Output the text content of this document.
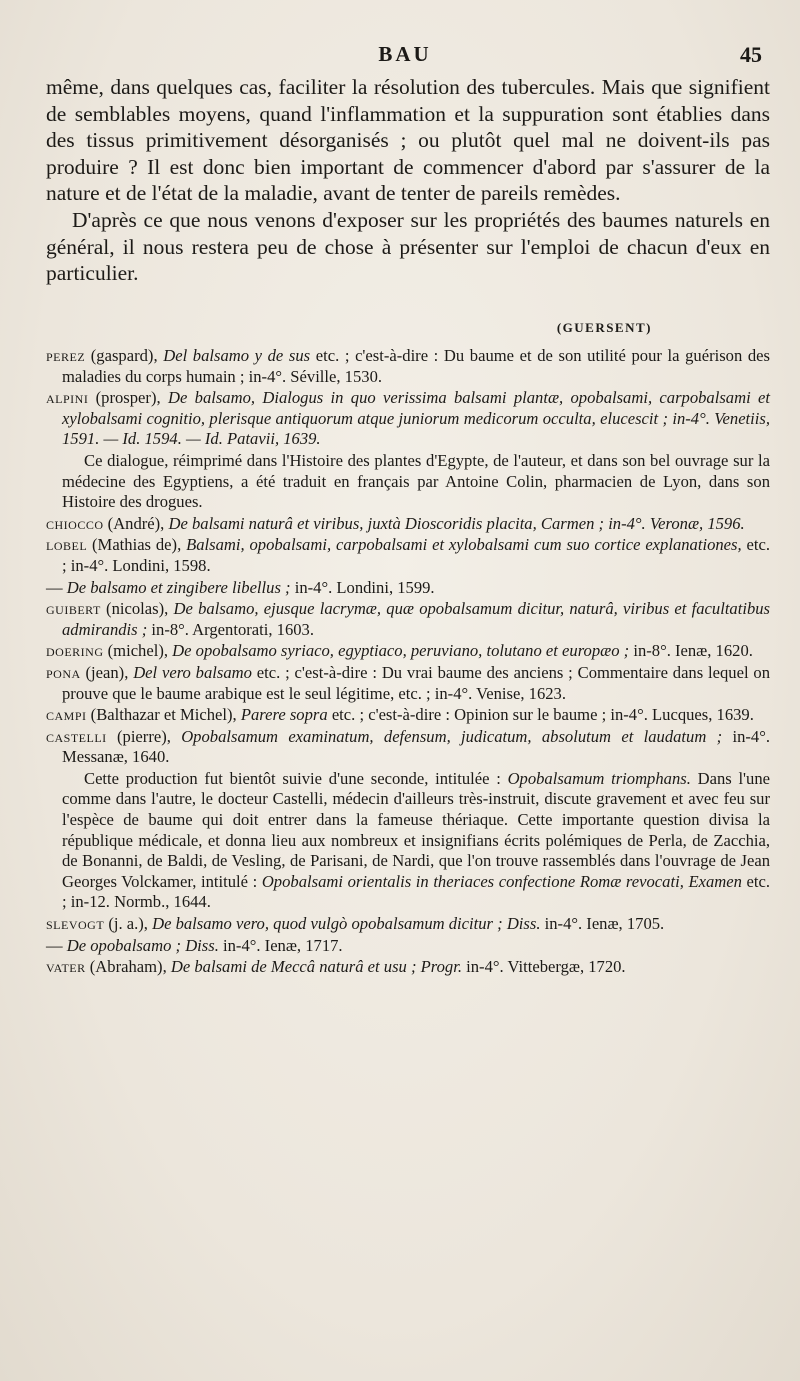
BAU	45

même, dans quelques cas, faciliter la résolution des tubercules. Mais que signifient de semblables moyens, quand l'inflammation et la suppuration sont établies dans des tissus primitivement désorganisés ; ou plutôt quel mal ne doivent-ils pas produire ? Il est donc bien important de commencer d'abord par s'assurer de la nature et de l'état de la maladie, avant de tenter de pareils remèdes.

D'après ce que nous venons d'exposer sur les propriétés des baumes naturels en général, il nous restera peu de chose à présenter sur l'emploi de chacun d'eux en particulier.

(GUERSENT)
perez (gaspard), Del balsamo y de sus etc. ; c'est-à-dire : Du baume et de son utilité pour la guérison des maladies du corps humain ; in-4°. Séville, 1530.
alpini (prosper), De balsamo, Dialogus in quo verissima balsami plantæ, opobalsami, carpobalsami et xylobalsami cognitio, plerisque antiquorum atque juniorum medicorum occulta, elucescit ; in-4°. Venetiis, 1591. — Id. 1594. — Id. Patavii, 1639.
Ce dialogue, réimprimé dans l'Histoire des plantes d'Egypte, de l'auteur, et dans son bel ouvrage sur la médecine des Egyptiens, a été traduit en français par Antoine Colin, pharmacien de Lyon, dans son Histoire des drogues.
chiocco (André), De balsami naturâ et viribus, juxtà Dioscoridis placita, Carmen ; in-4°. Veronæ, 1596.
lobel (Mathias de), Balsami, opobalsami, carpobalsami et xylobalsami cum suo cortice explanationes, etc. ; in-4°. Londini, 1598.
— De balsamo et zingibere libellus ; in-4°. Londini, 1599.
guibert (nicolas), De balsamo, ejusque lacrymæ, quæ opobalsamum dicitur, naturâ, viribus et facultatibus admirandis ; in-8°. Argentorati, 1603.
doering (michel), De opobalsamo syriaco, egyptiaco, peruviano, tolutano et europæo ; in-8°. Ienæ, 1620.
pona (jean), Del vero balsamo etc. ; c'est-à-dire : Du vrai baume des anciens ; Commentaire dans lequel on prouve que le baume arabique est le seul légitime, etc. ; in-4°. Venise, 1623.
campi (Balthazar et Michel), Parere sopra etc. ; c'est-à-dire : Opinion sur le baume ; in-4°. Lucques, 1639.
castelli (pierre), Opobalsamum examinatum, defensum, judicatum, absolutum et laudatum ; in-4°. Messanæ, 1640.
Cette production fut bientôt suivie d'une seconde, intitulée : Opobalsamum triomphans. Dans l'une comme dans l'autre, le docteur Castelli, médecin d'ailleurs très-instruit, discute gravement et avec feu sur l'espèce de baume qui doit entrer dans la fameuse thériaque. Cette importante question divisa la république médicale, et donna lieu aux nombreux et insignifians écrits polémiques de Perla, de Zacchia, de Bonanni, de Baldi, de Vesling, de Parisani, de Nardi, que l'on trouve rassemblés dans l'ouvrage de Jean Georges Volckamer, intitulé : Opobalsami orientalis in theriaces confectione Romæ revocati, Examen etc. ; in-12. Normb., 1644.
slevogt (j. a.), De balsamo vero, quod vulgò opobalsamum dicitur ; Diss. in-4°. Ienæ, 1705.
— De opobalsamo ; Diss. in-4°. Ienæ, 1717.
vater (Abraham), De balsami de Meccâ naturâ et usu ; Progr. in-4°. Vittebergæ, 1720.
